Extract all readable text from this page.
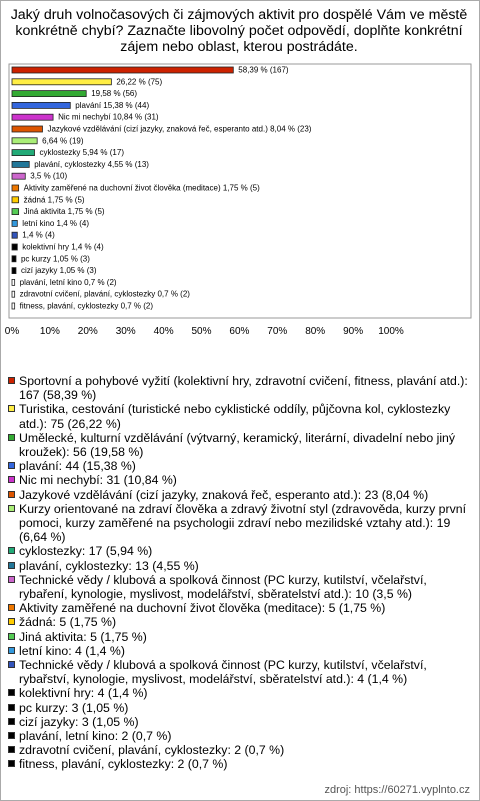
Jaký druh volnočasových či zájmových aktivit pro dospělé Vám ve městě konkrétně chybí? Zaznačte libovolný počet odpovědí, doplňte konkrétní zájem nebo oblast, kterou postrádáte.
58,39 % (167)
26,22 % (75)
19,58 % (56)
plavání 15,38 % (44)
Nic mi nechybí 10,84 % (31)
Jazykové vzdělávání (cizí jazyky, znaková řeč, esperanto atd.) 8,04 % (23)
6,64 % (19)
cyklostezky 5,94 % (17)
plavání, cyklostezky 4,55 % (13)
3,5 % (10)
Aktivity zaměřené na duchovní život člověka (meditace) 1,75 % (5)
žádná 1,75 % (5)
Jiná aktivita 1,75 % (5)
letní kino 1,4 % (4)
1,4 % (4)
kolektivní hry 1,4 % (4)
pc kurzy 1,05 % (3)
cizí jazyky 1,05 % (3)
plavání, letní kino 0,7 % (2)
zdravotní cvičení, plavání, cyklostezky 0,7 % (2)
fitness, plavání, cyklostezky 0,7 % (2)
0% 10% 20% 30% 40% 50% 60% 70% 80% 90% 100%
Sportovní a pohybové vyžití (kolektivní hry, zdravotní cvičení, fitness, plavání atd.): 167 (58,39 %)
Turistika, cestování (turistické nebo cyklistické oddíly, půjčovna kol, cyklostezky atd.): 75 (26,22 %)
Umělecké, kulturní vzdělávání (výtvarný, keramický, literární, divadelní nebo jiný kroužek): 56 (19,58 %)
plavání: 44 (15,38 %)
Nic mi nechybí: 31 (10,84 %)
Jazykové vzdělávání (cizí jazyky, znaková řeč, esperanto atd.): 23 (8,04 %)
Kurzy orientované na zdraví člověka a zdravý životní styl (zdravověda, kurzy první pomoci, kurzy zaměřené na psychologii zdraví nebo mezilidské vztahy atd.): 19 (6,64 %)
cyklostezky: 17 (5,94 %)
plavání, cyklostezky: 13 (4,55 %)
Technické vědy / klubová a spolková činnost (PC kurzy, kutilství, včelařství, rybaření, kynologie, myslivost, modelářství, sběratelství atd.): 10 (3,5 %)
Aktivity zaměřené na duchovní život člověka (meditace): 5 (1,75 %)
žádná: 5 (1,75 %)
Jiná aktivita: 5 (1,75 %)
letní kino: 4 (1,4 %)
Technické vědy / klubová a spolková činnost (PC kurzy, kutilství, včelařství, rybařství, kynologie, myslivost, modelářství, sběratelství atd.): 4 (1,4 %)
kolektivní hry: 4 (1,4 %)
pc kurzy: 3 (1,05 %)
cizí jazyky: 3 (1,05 %)
plavání, letní kino: 2 (0,7 %)
zdravotní cvičení, plavání, cyklostezky: 2 (0,7 %)
fitness, plavání, cyklostezky: 2 (0,7 %)
zdroj: https://60271.vyplnto.cz
